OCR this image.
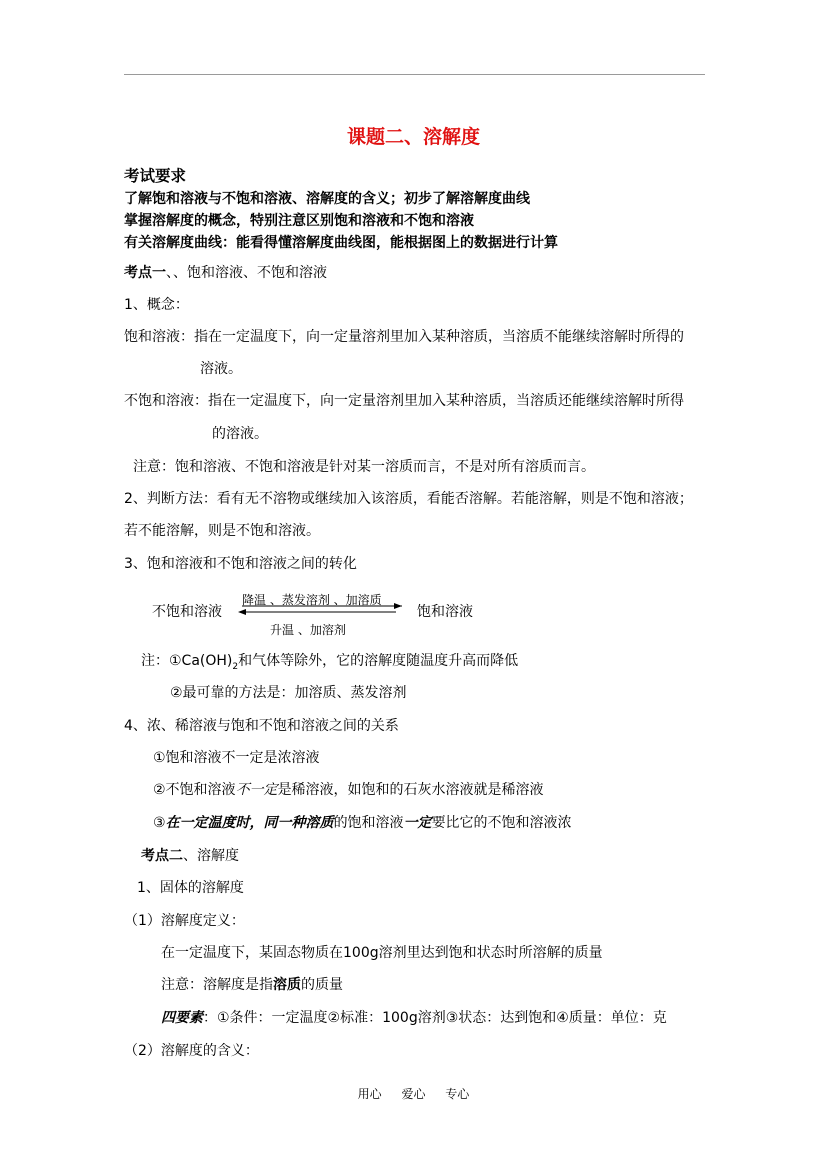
课题二、溶解度
考试要求
了解饱和溶液与不饱和溶液、溶解度的含义；初步了解溶解度曲线
掌握溶解度的概念，特别注意区别饱和溶液和不饱和溶液
有关溶解度曲线：能看得懂溶解度曲线图，能根据图上的数据进行计算
考点一、、饱和溶液、不饱和溶液
1、概念：
饱和溶液：指在一定温度下，向一定量溶剂里加入某种溶质，当溶质不能继续溶解时所得的
溶液。
不饱和溶液：指在一定温度下，向一定量溶剂里加入某种溶质，当溶质还能继续溶解时所得
的溶液。
注意：饱和溶液、不饱和溶液是针对某一溶质而言，不是对所有溶质而言。
2、判断方法：看有无不溶物或继续加入该溶质，看能否溶解。若能溶解，则是不饱和溶液；
若不能溶解，则是不饱和溶液。
3、饱和溶液和不饱和溶液之间的转化
不饱和溶液
降温 、蒸发溶剂 、加溶质
升温 、加溶剂
饱和溶液
注：$①Ca(OH)_2$和气体等除外，它的溶解度随温度升高而降低
②最可靠的方法是：加溶质、蒸发溶剂
4、浓、稀溶液与饱和不饱和溶液之间的关系
①饱和溶液不一定是浓溶液
②不饱和溶液不一定是稀溶液，如饱和的石灰水溶液就是稀溶液
③在一定温度时，同一种溶质的饱和溶液一定要比它的不饱和溶液浓
考点二、溶解度
1、固体的溶解度
（1）溶解度定义：
在一定温度下，某固态物质在100g溶剂里达到饱和状态时所溶解的质量
注意：溶解度是指溶质的质量
四要素：①条件：一定温度②标准：100g溶剂③状态：达到饱和④质量：单位：克
（2）溶解度的含义：
用心 爱心 专心
